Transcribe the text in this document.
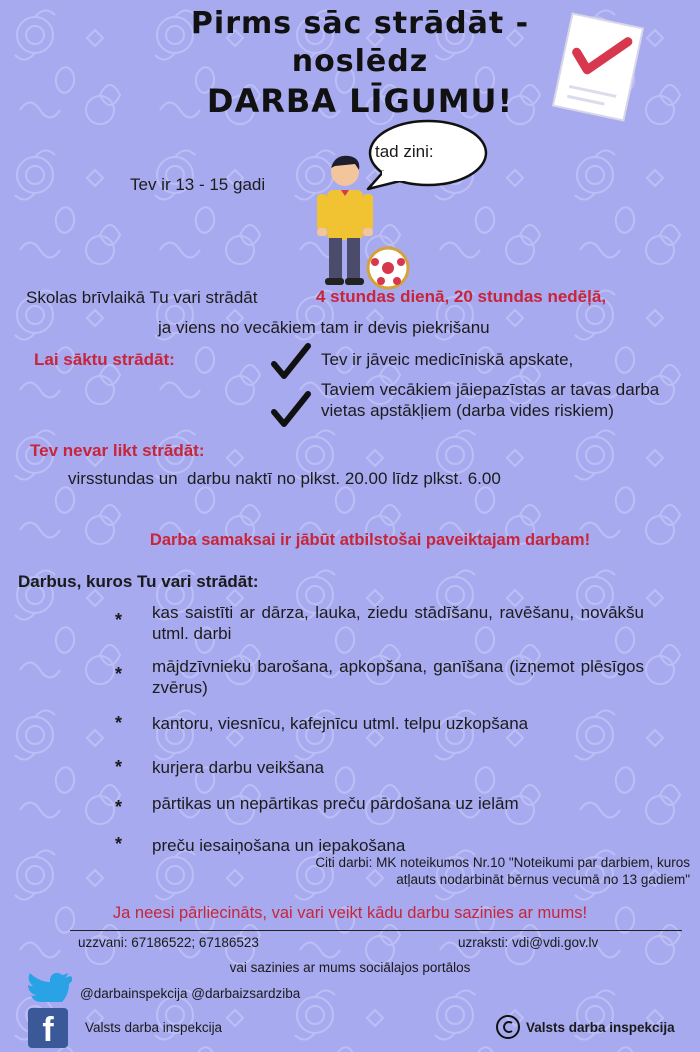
Pirms sāc strādāt -
noslēdz
DARBA LĪGUMU!
tad zini:
Tev ir 13 - 15 gadi
Skolas brīvlaikā Tu vari strādāt	4 stundas dienā, 20 stundas nedēļā,
ja viens no vecākiem tam ir devis piekrišanu
Lai sāktu strādāt:	Tev ir jāveic medicīniskā apskate,
Taviem vecākiem jāiepazīstas ar tavas darba vietas apstākļiem (darba vides riskiem)
Tev nevar likt strādāt:
virsstundas un  darbu naktī no plkst. 20.00 līdz plkst. 6.00
Darba samaksai ir jābūt atbilstošai paveiktajam darbam!
Darbus, kuros Tu vari strādāt:
* kas saistīti ar dārza, lauka, ziedu stādīšanu, ravēšanu, novākšu utml. darbi
* mājdzīvnieku barošana, apkopšana, ganīšana (izņemot plēsīgos zvērus)
* kantoru, viesnīcu, kafejnīcu utml. telpu uzkopšana
* kurjera darbu veikšana
* pārtikas un nepārtikas preču pārdošana uz ielām
* preču iesaiņošana un iepakošana
Citi darbi: MK noteikumos Nr.10 "Noteikumi par darbiem, kuros
atļauts nodarbināt bērnus vecumā no 13 gadiem"
Ja neesi pārliecināts, vai vari veikt kādu darbu sazinies ar mums!
uzzvani: 67186522; 67186523	uzraksti: vdi@vdi.gov.lv
vai sazinies ar mums sociālajos portālos
@darbainspekcija @darbaizsardziba
f	Valsts darba inspekcija	Valsts darba inspekcija
